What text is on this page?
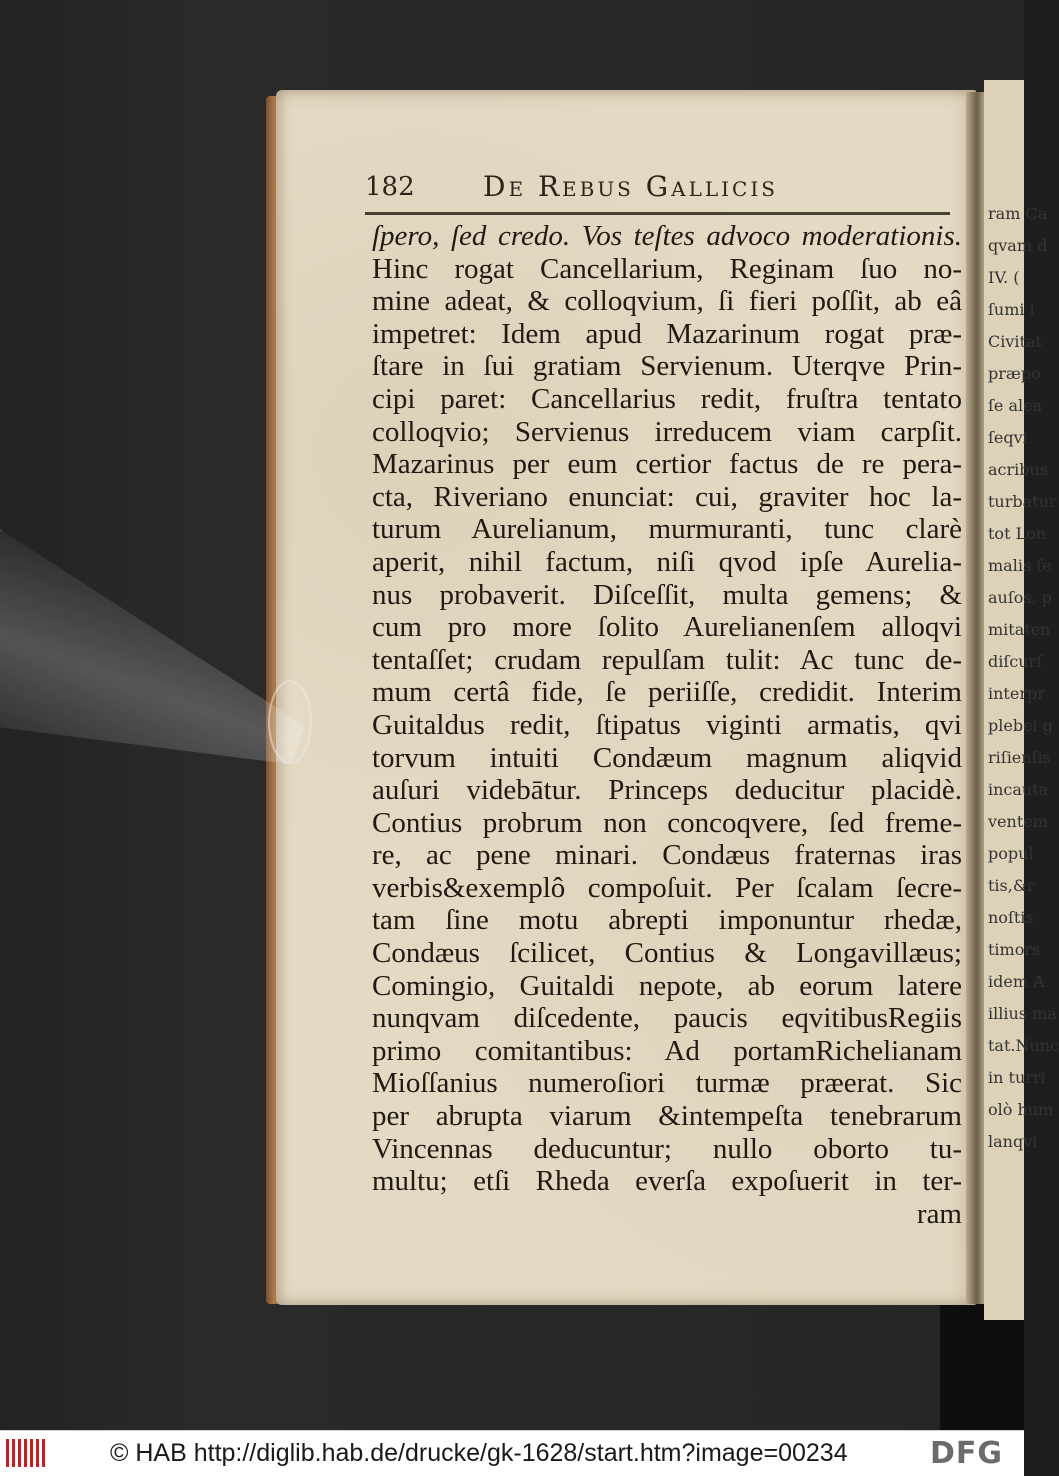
ram Ca
qvam d
IV. (
ſumi i
Civitat
præpo
ſe alea
ſeqvi
acribus
turbatur
tot Lon
malis ſe
auſos, p
mitaten
diſcurſ
interpr
plebei g
riſienſis
incauta
ventem
popul
tis,&r
noſtis
timors
idem A
illius ma
tat.Nunc
in turri
olò hum
lanqvi
182 De Rebus Gallicis
ſpero, ſed credo. Vos teſtes advoco moderationis.
Hinc rogat Cancellarium, Reginam ſuo no-
mine adeat, & colloqvium, ſi fieri poſſit, ab eâ
impetret: Idem apud Mazarinum rogat præ-
ſtare in ſui gratiam Servienum. Uterqve Prin-
cipi paret: Cancellarius redit, fruſtra tentato
colloqvio; Servienus irreducem viam carpſit.
Mazarinus per eum certior factus de re pera-
cta, Riveriano enunciat: cui, graviter hoc la-
turum Aurelianum, murmuranti, tunc clarè
aperit, nihil factum, niſi qvod ipſe Aurelia-
nus probaverit. Diſceſſit, multa gemens; &
cum pro more ſolito Aurelianenſem alloqvi
tentaſſet; crudam repulſam tulit: Ac tunc de-
mum certâ fide, ſe periiſſe, credidit. Interim
Guitaldus redit, ſtipatus viginti armatis, qvi
torvum intuiti Condæum magnum aliqvid
auſuri videbātur. Princeps deducitur placidè.
Contius probrum non concoqvere, ſed freme-
re, ac pene minari. Condæus fraternas iras
verbis&exemplô compoſuit. Per ſcalam ſecre-
tam ſine motu abrepti imponuntur rhedæ,
Condæus ſcilicet, Contius & Longavillæus;
Comingio, Guitaldi nepote, ab eorum latere
nunqvam diſcedente, paucis eqvitibusRegiis
primo comitantibus: Ad portamRichelianam
Mioſſanius numeroſiori turmæ præerat. Sic
per abrupta viarum &intempeſta tenebrarum
Vincennas deducuntur; nullo oborto tu-
multu; etſi Rheda everſa expoſuerit in ter-
ram
© HAB http://diglib.hab.de/drucke/gk-1628/start.htm?image=00234	DFG
